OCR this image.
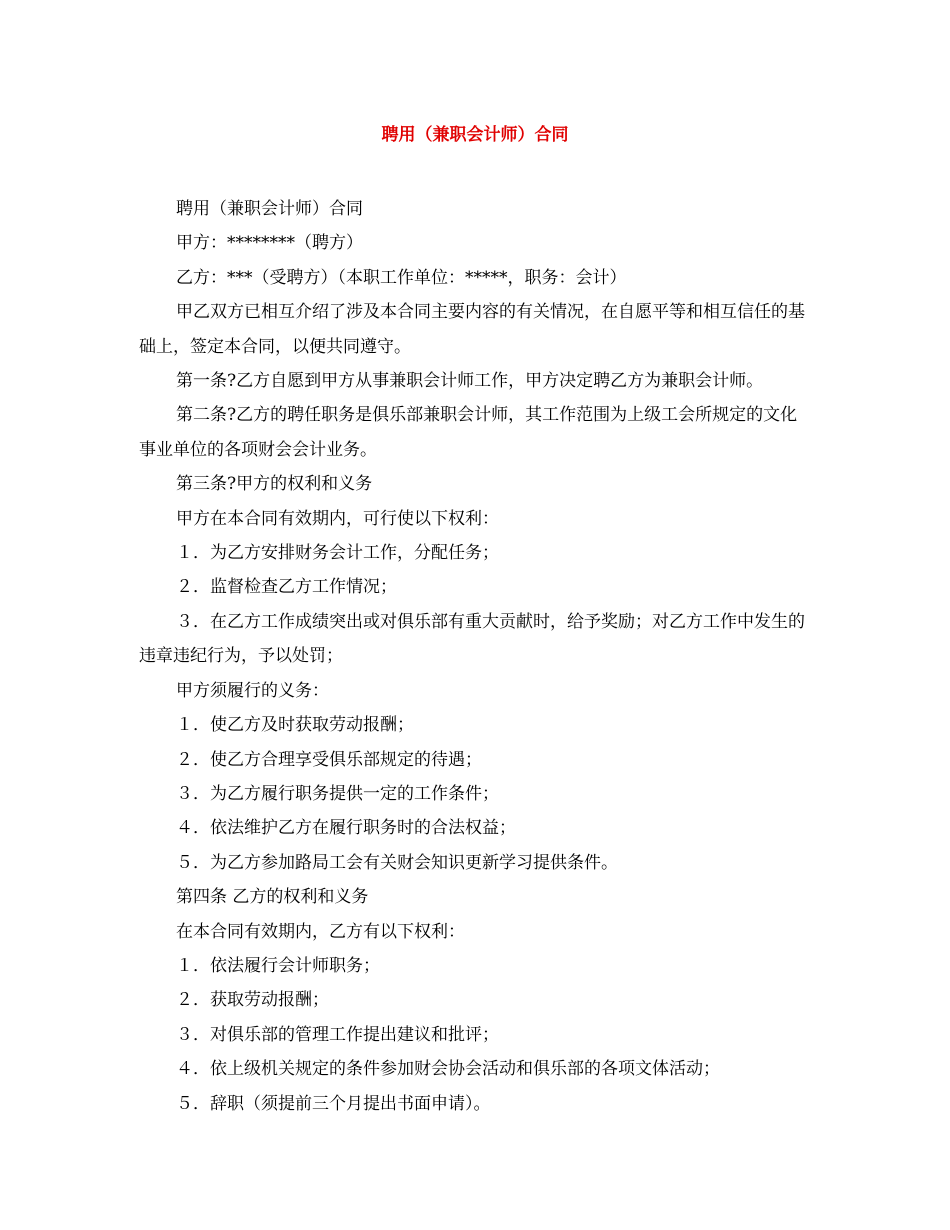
聘用（兼职会计师）合同

聘用（兼职会计师）合同

甲方：********（聘方）

乙方：***（受聘方）（本职工作单位：*****，职务：会计）

甲乙双方已相互介绍了涉及本合同主要内容的有关情况，在自愿平等和相互信任的基础上，签定本合同，以便共同遵守。

第一条?乙方自愿到甲方从事兼职会计师工作，甲方决定聘乙方为兼职会计师。

第二条?乙方的聘任职务是俱乐部兼职会计师，其工作范围为上级工会所规定的文化事业单位的各项财会会计业务。

第三条?甲方的权利和义务

甲方在本合同有效期内，可行使以下权利：

１．为乙方安排财务会计工作，分配任务；

２．监督检查乙方工作情况；

３．在乙方工作成绩突出或对俱乐部有重大贡献时，给予奖励；对乙方工作中发生的违章违纪行为，予以处罚；

甲方须履行的义务：

１．使乙方及时获取劳动报酬；

２．使乙方合理享受俱乐部规定的待遇；

３．为乙方履行职务提供一定的工作条件；

４．依法维护乙方在履行职务时的合法权益；

５．为乙方参加路局工会有关财会知识更新学习提供条件。

第四条 乙方的权利和义务

在本合同有效期内，乙方有以下权利：

１．依法履行会计师职务；

２．获取劳动报酬；

３．对俱乐部的管理工作提出建议和批评；

４．依上级机关规定的条件参加财会协会活动和俱乐部的各项文体活动；

５．辞职（须提前三个月提出书面申请）。
